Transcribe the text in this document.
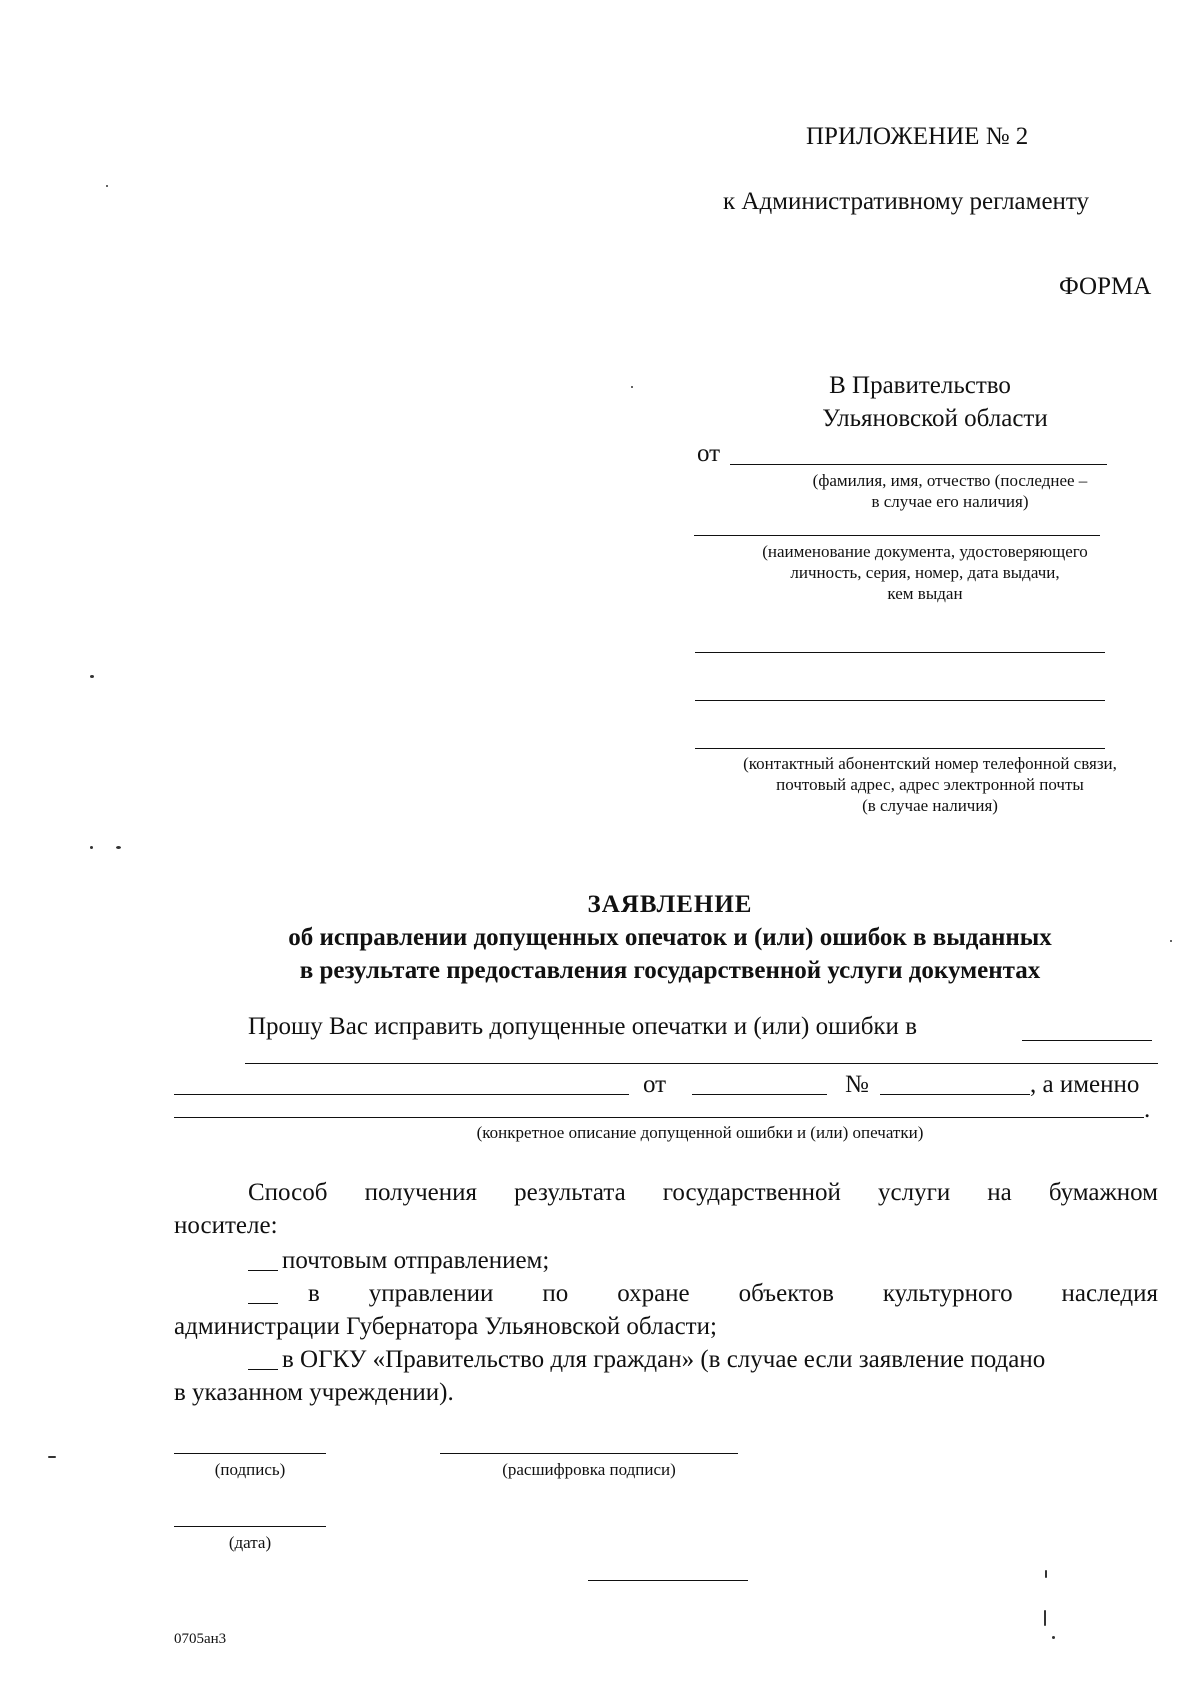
ПРИЛОЖЕНИЕ № 2
к Административному регламенту
ФОРМА
В Правительство
Ульяновской области
от
(фамилия, имя, отчество (последнее –
в случае его наличия)
(наименование документа, удостоверяющего
личность, серия, номер, дата выдачи,
кем выдан
(контактный абонентский номер телефонной связи,
почтовый адрес, адрес электронной почты
(в случае наличия)
ЗАЯВЛЕНИЕ
об исправлении допущенных опечаток и (или) ошибок в выданных
в результате предоставления государственной услуги документах
Прошу Вас исправить допущенные опечатки и (или) ошибки в
от	№	, а именно
.
(конкретное описание допущенной ошибки и (или) опечатки)
Способ получения результата государственной услуги на бумажном
носителе:
почтовым отправлением;
в управлении по охране объектов культурного наследия
администрации Губернатора Ульяновской области;
в ОГКУ «Правительство для граждан» (в случае если заявление подано
в указанном учреждении).
(подпись)	(расшифровка подписи)
(дата)
0705ан3
